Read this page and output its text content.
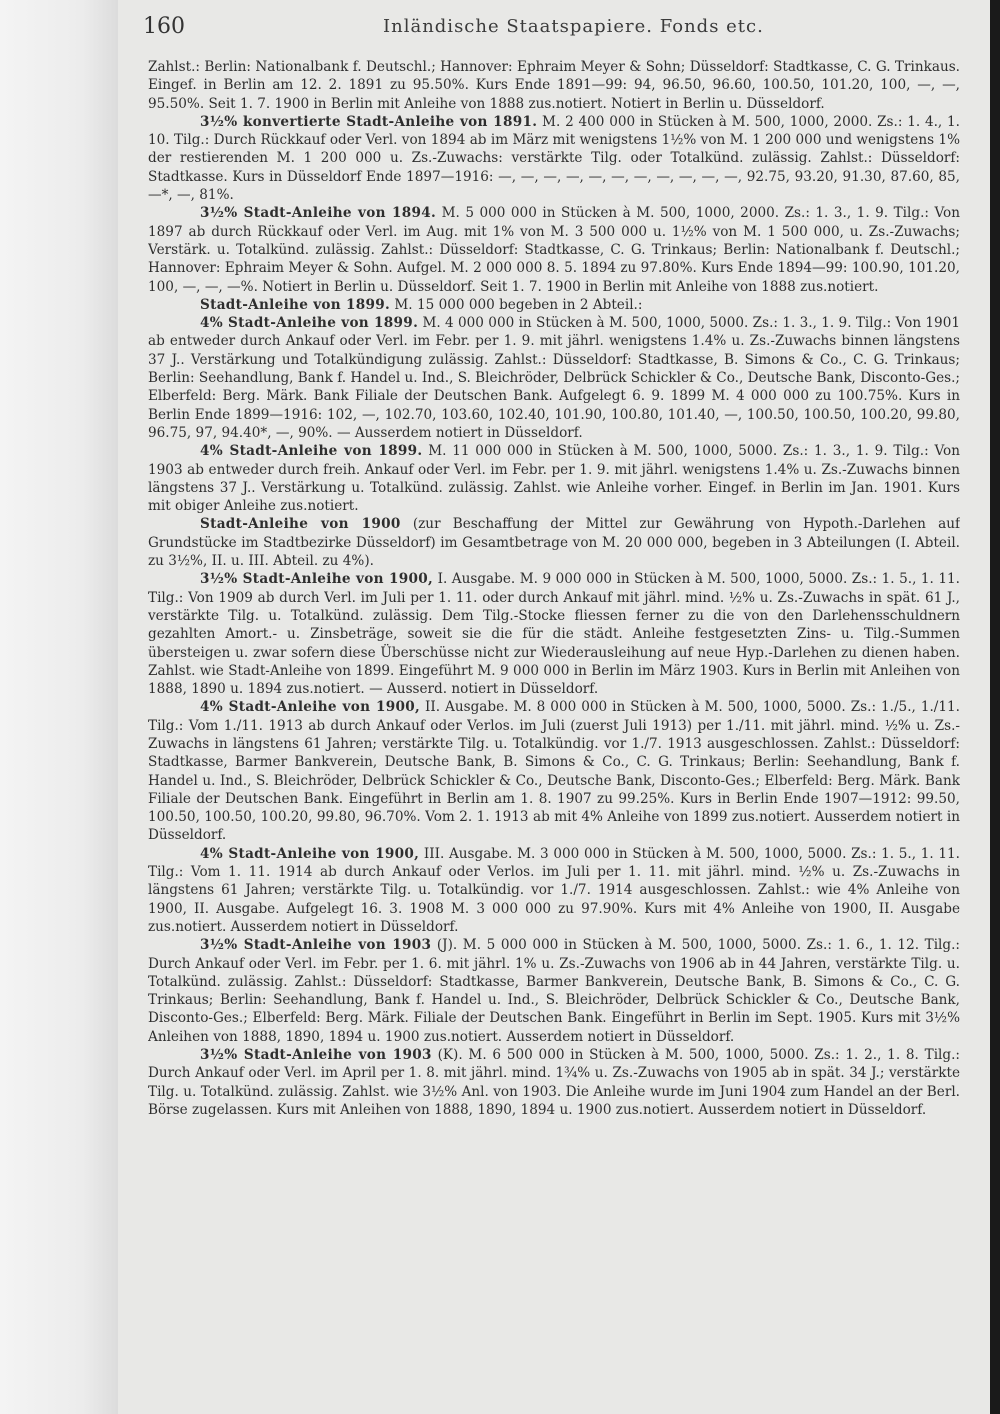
160	Inländische Staatspapiere. Fonds etc.

Zahlst.: Berlin: Nationalbank f. Deutschl.; Hannover: Ephraim Meyer & Sohn; Düsseldorf: Stadtkasse, C. G. Trinkaus. Eingef. in Berlin am 12. 2. 1891 zu 95.50%. Kurs Ende 1891—99: 94, 96.50, 96.60, 100.50, 101.20, 100, —, —, 95.50%. Seit 1. 7. 1900 in Berlin mit Anleihe von 1888 zus.notiert. Notiert in Berlin u. Düsseldorf.

3½% konvertierte Stadt-Anleihe von 1891. M. 2 400 000 in Stücken à M. 500, 1000, 2000. Zs.: 1. 4., 1. 10. Tilg.: Durch Rückkauf oder Verl. von 1894 ab im März mit wenigstens 1½% von M. 1 200 000 und wenigstens 1% der restierenden M. 1 200 000 u. Zs.-Zuwachs: verstärkte Tilg. oder Totalkünd. zulässig. Zahlst.: Düsseldorf: Stadtkasse. Kurs in Düsseldorf Ende 1897—1916: —, —, —, —, —, —, —, —, —, —, —, 92.75, 93.20, 91.30, 87.60, 85, —*, —, 81%.

3½% Stadt-Anleihe von 1894. M. 5 000 000 in Stücken à M. 500, 1000, 2000. Zs.: 1. 3., 1. 9. Tilg.: Von 1897 ab durch Rückkauf oder Verl. im Aug. mit 1% von M. 3 500 000 u. 1½% von M. 1 500 000, u. Zs.-Zuwachs; Verstärk. u. Totalkünd. zulässig. Zahlst.: Düsseldorf: Stadtkasse, C. G. Trinkaus; Berlin: Nationalbank f. Deutschl.; Hannover: Ephraim Meyer & Sohn. Aufgel. M. 2 000 000 8. 5. 1894 zu 97.80%. Kurs Ende 1894—99: 100.90, 101.20, 100, —, —, —%. Notiert in Berlin u. Düsseldorf. Seit 1. 7. 1900 in Berlin mit Anleihe von 1888 zus.notiert.

Stadt-Anleihe von 1899. M. 15 000 000 begeben in 2 Abteil.:

4% Stadt-Anleihe von 1899. M. 4 000 000 in Stücken à M. 500, 1000, 5000. Zs.: 1. 3., 1. 9. Tilg.: Von 1901 ab entweder durch Ankauf oder Verl. im Febr. per 1. 9. mit jährl. wenigstens 1.4% u. Zs.-Zuwachs binnen längstens 37 J.. Verstärkung und Totalkündigung zulässig. Zahlst.: Düsseldorf: Stadtkasse, B. Simons & Co., C. G. Trinkaus; Berlin: Seehandlung, Bank f. Handel u. Ind., S. Bleichröder, Delbrück Schickler & Co., Deutsche Bank, Disconto-Ges.; Elberfeld: Berg. Märk. Bank Filiale der Deutschen Bank. Aufgelegt 6. 9. 1899 M. 4 000 000 zu 100.75%. Kurs in Berlin Ende 1899—1916: 102, —, 102.70, 103.60, 102.40, 101.90, 100.80, 101.40, —, 100.50, 100.50, 100.20, 99.80, 96.75, 97, 94.40*, —, 90%. — Ausserdem notiert in Düsseldorf.

4% Stadt-Anleihe von 1899. M. 11 000 000 in Stücken à M. 500, 1000, 5000. Zs.: 1. 3., 1. 9. Tilg.: Von 1903 ab entweder durch freih. Ankauf oder Verl. im Febr. per 1. 9. mit jährl. wenigstens 1.4% u. Zs.-Zuwachs binnen längstens 37 J.. Verstärkung u. Totalkünd. zulässig. Zahlst. wie Anleihe vorher. Eingef. in Berlin im Jan. 1901. Kurs mit obiger Anleihe zus.notiert.

Stadt-Anleihe von 1900 (zur Beschaffung der Mittel zur Gewährung von Hypoth.-Darlehen auf Grundstücke im Stadtbezirke Düsseldorf) im Gesamtbetrage von M. 20 000 000, begeben in 3 Abteilungen (I. Abteil. zu 3½%, II. u. III. Abteil. zu 4%).

3½% Stadt-Anleihe von 1900, I. Ausgabe. M. 9 000 000 in Stücken à M. 500, 1000, 5000. Zs.: 1. 5., 1. 11. Tilg.: Von 1909 ab durch Verl. im Juli per 1. 11. oder durch Ankauf mit jährl. mind. ½% u. Zs.-Zuwachs in spät. 61 J., verstärkte Tilg. u. Totalkünd. zulässig. Dem Tilg.-Stocke fliessen ferner zu die von den Darlehensschuldnern gezahlten Amort.- u. Zinsbeträge, soweit sie die für die städt. Anleihe festgesetzten Zins- u. Tilg.-Summen übersteigen u. zwar sofern diese Überschüsse nicht zur Wiederausleihung auf neue Hyp.-Darlehen zu dienen haben. Zahlst. wie Stadt-Anleihe von 1899. Eingeführt M. 9 000 000 in Berlin im März 1903. Kurs in Berlin mit Anleihen von 1888, 1890 u. 1894 zus.notiert. — Ausserd. notiert in Düsseldorf.

4% Stadt-Anleihe von 1900, II. Ausgabe. M. 8 000 000 in Stücken à M. 500, 1000, 5000. Zs.: 1./5., 1./11. Tilg.: Vom 1./11. 1913 ab durch Ankauf oder Verlos. im Juli (zuerst Juli 1913) per 1./11. mit jährl. mind. ½% u. Zs.-Zuwachs in längstens 61 Jahren; verstärkte Tilg. u. Totalkündig. vor 1./7. 1913 ausgeschlossen. Zahlst.: Düsseldorf: Stadtkasse, Barmer Bankverein, Deutsche Bank, B. Simons & Co., C. G. Trinkaus; Berlin: Seehandlung, Bank f. Handel u. Ind., S. Bleichröder, Delbrück Schickler & Co., Deutsche Bank, Disconto-Ges.; Elberfeld: Berg. Märk. Bank Filiale der Deutschen Bank. Eingeführt in Berlin am 1. 8. 1907 zu 99.25%. Kurs in Berlin Ende 1907—1912: 99.50, 100.50, 100.50, 100.20, 99.80, 96.70%. Vom 2. 1. 1913 ab mit 4% Anleihe von 1899 zus.notiert. Ausserdem notiert in Düsseldorf.

4% Stadt-Anleihe von 1900, III. Ausgabe. M. 3 000 000 in Stücken à M. 500, 1000, 5000. Zs.: 1. 5., 1. 11. Tilg.: Vom 1. 11. 1914 ab durch Ankauf oder Verlos. im Juli per 1. 11. mit jährl. mind. ½% u. Zs.-Zuwachs in längstens 61 Jahren; verstärkte Tilg. u. Totalkündig. vor 1./7. 1914 ausgeschlossen. Zahlst.: wie 4% Anleihe von 1900, II. Ausgabe. Aufgelegt 16. 3. 1908 M. 3 000 000 zu 97.90%. Kurs mit 4% Anleihe von 1900, II. Ausgabe zus.notiert. Ausserdem notiert in Düsseldorf.

3½% Stadt-Anleihe von 1903 (J). M. 5 000 000 in Stücken à M. 500, 1000, 5000. Zs.: 1. 6., 1. 12. Tilg.: Durch Ankauf oder Verl. im Febr. per 1. 6. mit jährl. 1% u. Zs.-Zuwachs von 1906 ab in 44 Jahren, verstärkte Tilg. u. Totalkünd. zulässig. Zahlst.: Düsseldorf: Stadtkasse, Barmer Bankverein, Deutsche Bank, B. Simons & Co., C. G. Trinkaus; Berlin: Seehandlung, Bank f. Handel u. Ind., S. Bleichröder, Delbrück Schickler & Co., Deutsche Bank, Disconto-Ges.; Elberfeld: Berg. Märk. Filiale der Deutschen Bank. Eingeführt in Berlin im Sept. 1905. Kurs mit 3½% Anleihen von 1888, 1890, 1894 u. 1900 zus.notiert. Ausserdem notiert in Düsseldorf.

3½% Stadt-Anleihe von 1903 (K). M. 6 500 000 in Stücken à M. 500, 1000, 5000. Zs.: 1. 2., 1. 8. Tilg.: Durch Ankauf oder Verl. im April per 1. 8. mit jährl. mind. 1¾% u. Zs.-Zuwachs von 1905 ab in spät. 34 J.; verstärkte Tilg. u. Totalkünd. zulässig. Zahlst. wie 3½% Anl. von 1903. Die Anleihe wurde im Juni 1904 zum Handel an der Berl. Börse zugelassen. Kurs mit Anleihen von 1888, 1890, 1894 u. 1900 zus.notiert. Ausserdem notiert in Düsseldorf.
